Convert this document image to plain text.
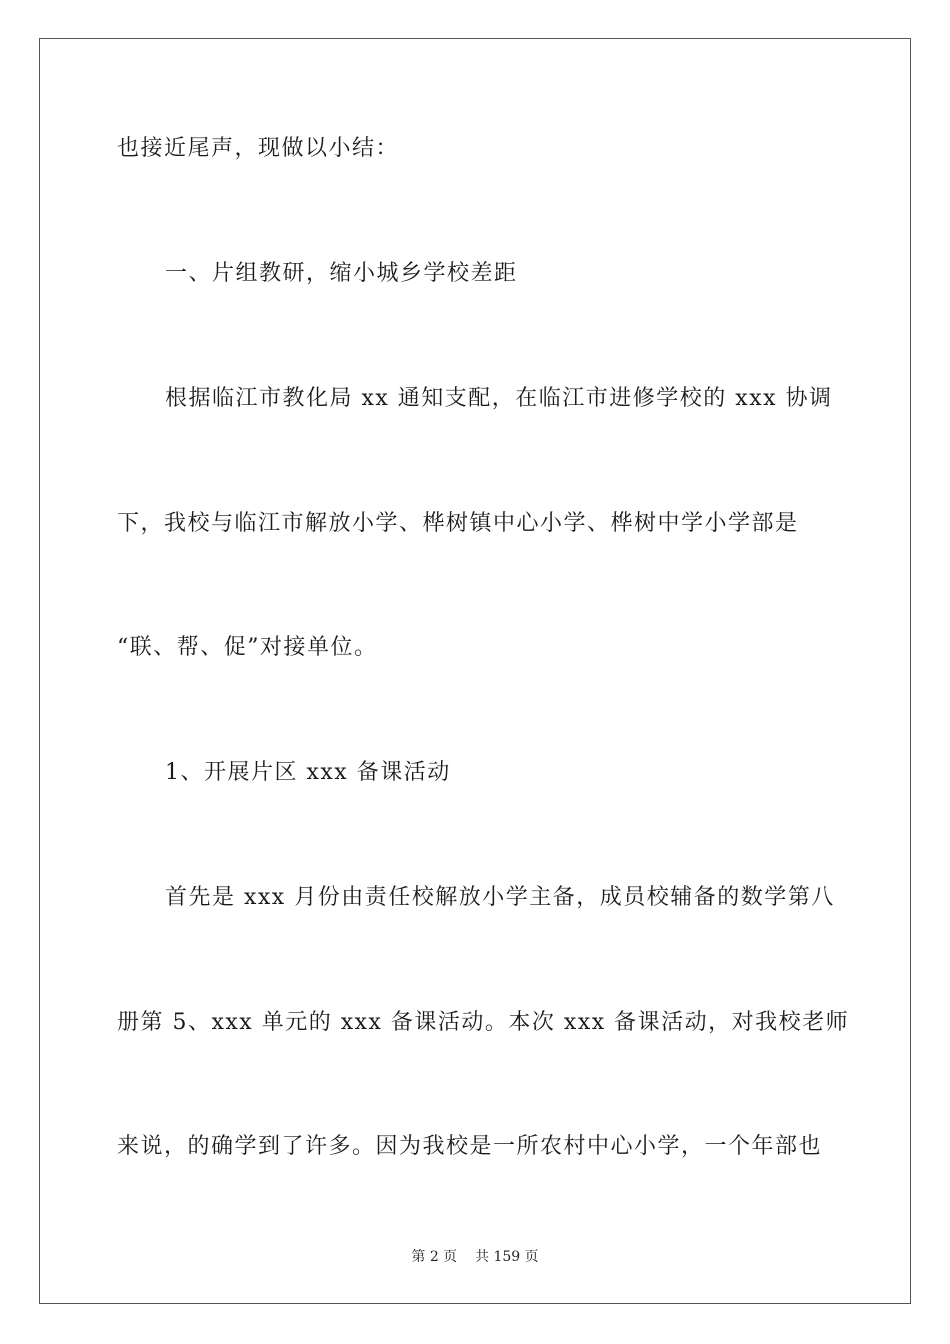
也接近尾声，现做以小结：
一、片组教研，缩小城乡学校差距
根据临江市教化局 xx 通知支配，在临江市进修学校的 xxx 协调
下，我校与临江市解放小学、桦树镇中心小学、桦树中学小学部是
“联、帮、促”对接单位。
1、开展片区 xxx 备课活动
首先是 xxx 月份由责任校解放小学主备，成员校辅备的数学第八
册第 5、xxx 单元的 xxx 备课活动。本次 xxx 备课活动，对我校老师
来说，的确学到了许多。因为我校是一所农村中心小学，一个年部也
第 2 页 共 159 页
